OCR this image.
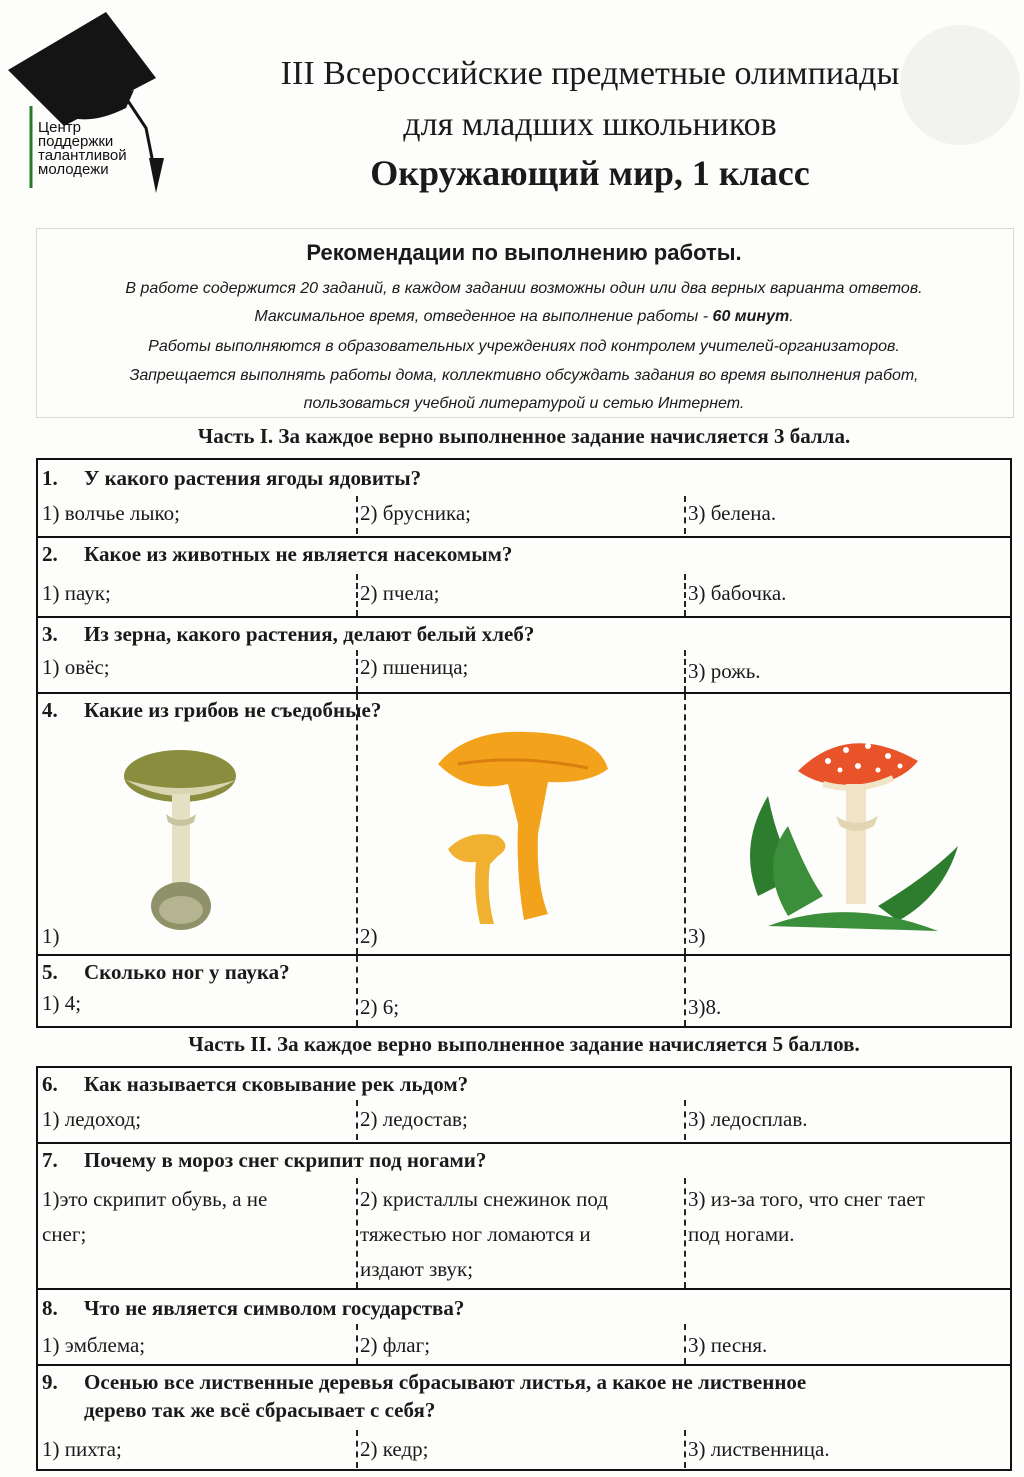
Центр
поддержки
талантливой
молодежи
III Всероссийские предметные олимпиады
для младших школьников
Окружающий мир, 1 класс
Рекомендации по выполнению работы.
В работе содержится 20 заданий, в каждом задании возможны один или два верных варианта ответов.
Максимальное время, отведенное на выполнение работы - 60 минут.
Работы выполняются в образовательных учреждениях под контролем учителей-организаторов.
Запрещается выполнять работы дома, коллективно обсуждать задания во время выполнения работ,
пользоваться учебной литературой и сетью Интернет.
Часть I. За каждое верно выполненное задание начисляется 3 балла.
1. У какого растения ягоды ядовиты?
1) волчье лыко;	2) брусника;	3) белена.
2. Какое из животных не является насекомым?
1) паук;	2) пчела;	3) бабочка.
3. Из зерна, какого растения, делают белый хлеб?
1) овёс;	2) пшеница;	3) рожь.
4. Какие из грибов не съедобные?
1)	2)	3)
5. Сколько ног у паука?
1) 4;	2) 6;	3)8.
Часть II. За каждое верно выполненное задание начисляется 5 баллов.
6. Как называется сковывание рек льдом?
1) ледоход;	2) ледостав;	3) ледосплав.
7. Почему в мороз снег скрипит под ногами?
1)это скрипит обувь, а не
снег;
2) кристаллы снежинок под
тяжестью ног ломаются и
издают звук;
3) из-за того, что снег тает
под ногами.
8. Что не является символом государства?
1) эмблема;	2) флаг;	3) песня.
9. Осенью все лиственные деревья сбрасывают листья, а какое не лиственное
дерево так же всё сбрасывает с себя?
1) пихта;	2) кедр;	3) лиственница.
